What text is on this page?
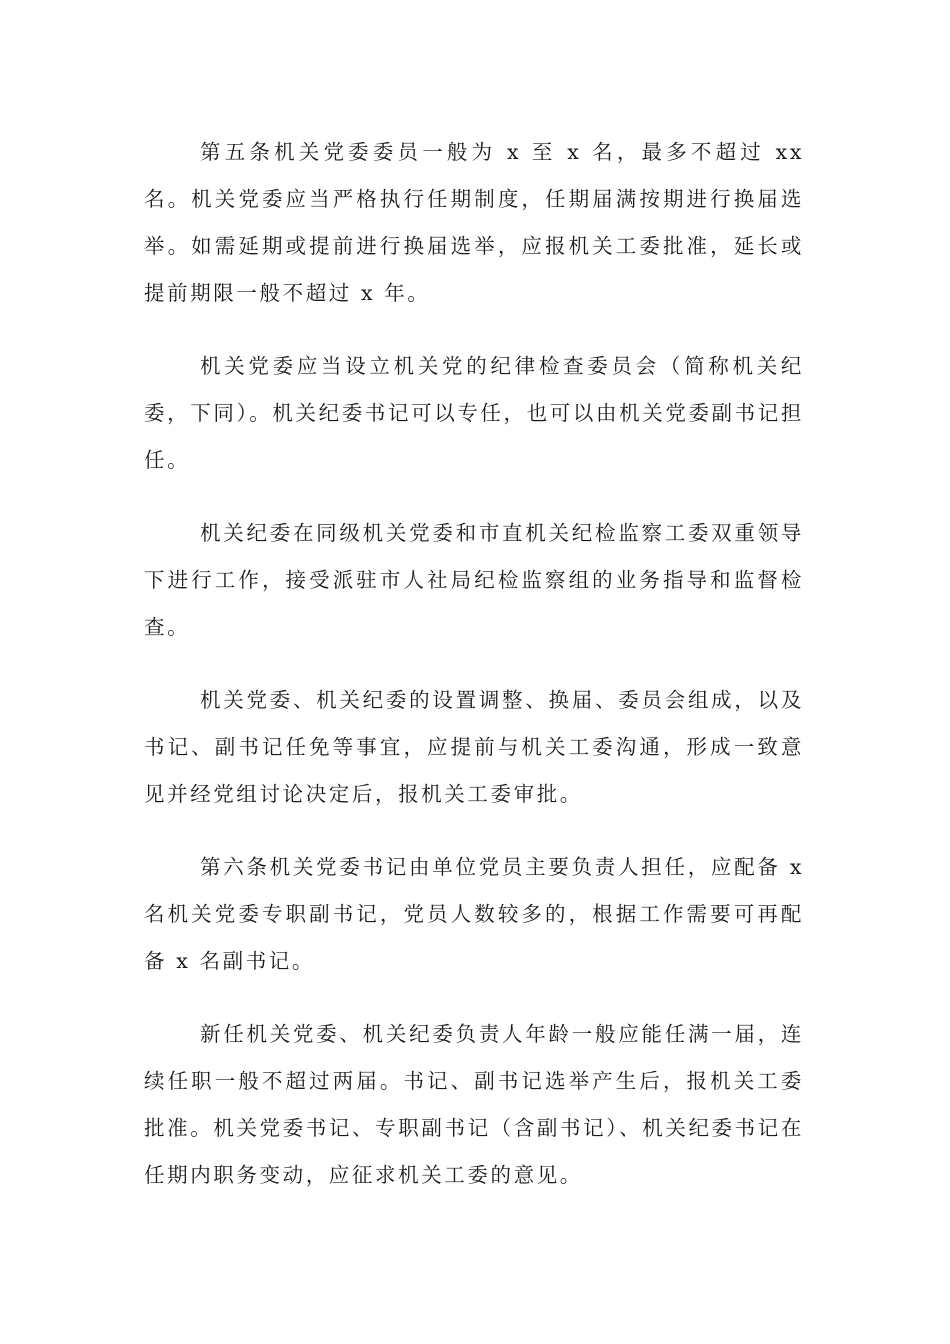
第五条机关党委委员一般为 x 至 x 名，最多不超过 xx 名。机关党委应当严格执行任期制度，任期届满按期进行换届选举。如需延期或提前进行换届选举，应报机关工委批准，延长或提前期限一般不超过 x 年。

机关党委应当设立机关党的纪律检查委员会（简称机关纪委，下同）。机关纪委书记可以专任，也可以由机关党委副书记担任。

机关纪委在同级机关党委和市直机关纪检监察工委双重领导下进行工作，接受派驻市人社局纪检监察组的业务指导和监督检查。

机关党委、机关纪委的设置调整、换届、委员会组成，以及书记、副书记任免等事宜，应提前与机关工委沟通，形成一致意见并经党组讨论决定后，报机关工委审批。

第六条机关党委书记由单位党员主要负责人担任，应配备 x 名机关党委专职副书记，党员人数较多的，根据工作需要可再配备 x 名副书记。

新任机关党委、机关纪委负责人年龄一般应能任满一届，连续任职一般不超过两届。书记、副书记选举产生后，报机关工委批准。机关党委书记、专职副书记（含副书记）、机关纪委书记在任期内职务变动，应征求机关工委的意见。
